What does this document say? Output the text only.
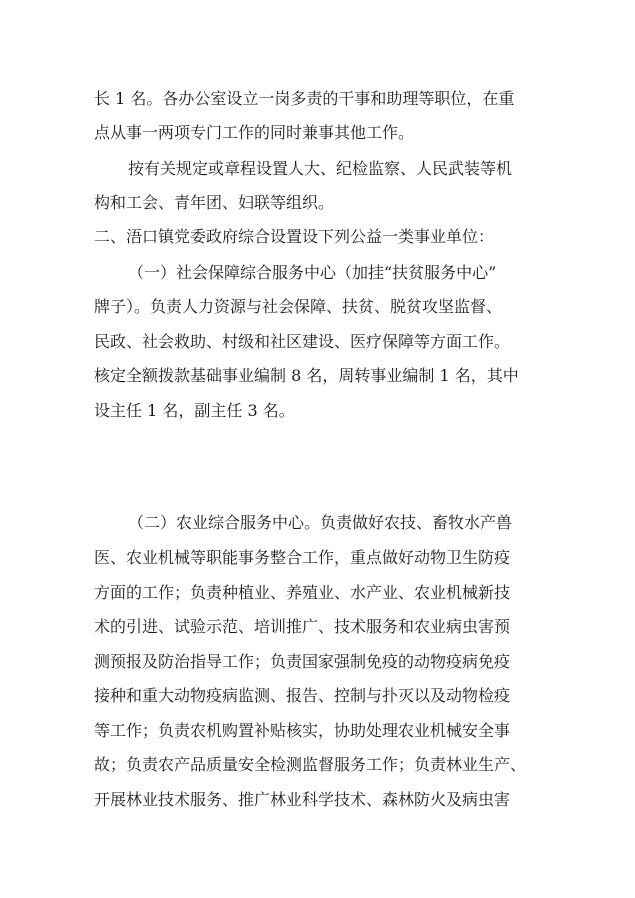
长 1 名。各办公室设立一岗多责的干事和助理等职位，在重
点从事一两项专门工作的同时兼事其他工作。
按有关规定或章程设置人大、纪检监察、人民武装等机
构和工会、青年团、妇联等组织。
二、浯口镇党委政府综合设置设下列公益一类事业单位：
（一）社会保障综合服务中心（加挂“扶贫服务中心”
牌子）。负责人力资源与社会保障、扶贫、脱贫攻坚监督、
民政、社会救助、村级和社区建设、医疗保障等方面工作。
核定全额拨款基础事业编制 8 名，周转事业编制 1 名，其中
设主任 1 名，副主任 3 名。
（二）农业综合服务中心。负责做好农技、畜牧水产兽
医、农业机械等职能事务整合工作，重点做好动物卫生防疫
方面的工作；负责种植业、养殖业、水产业、农业机械新技
术的引进、试验示范、培训推广、技术服务和农业病虫害预
测预报及防治指导工作；负责国家强制免疫的动物疫病免疫
接种和重大动物疫病监测、报告、控制与扑灭以及动物检疫
等工作；负责农机购置补贴核实，协助处理农业机械安全事
故；负责农产品质量安全检测监督服务工作；负责林业生产、
开展林业技术服务、推广林业科学技术、森林防火及病虫害
